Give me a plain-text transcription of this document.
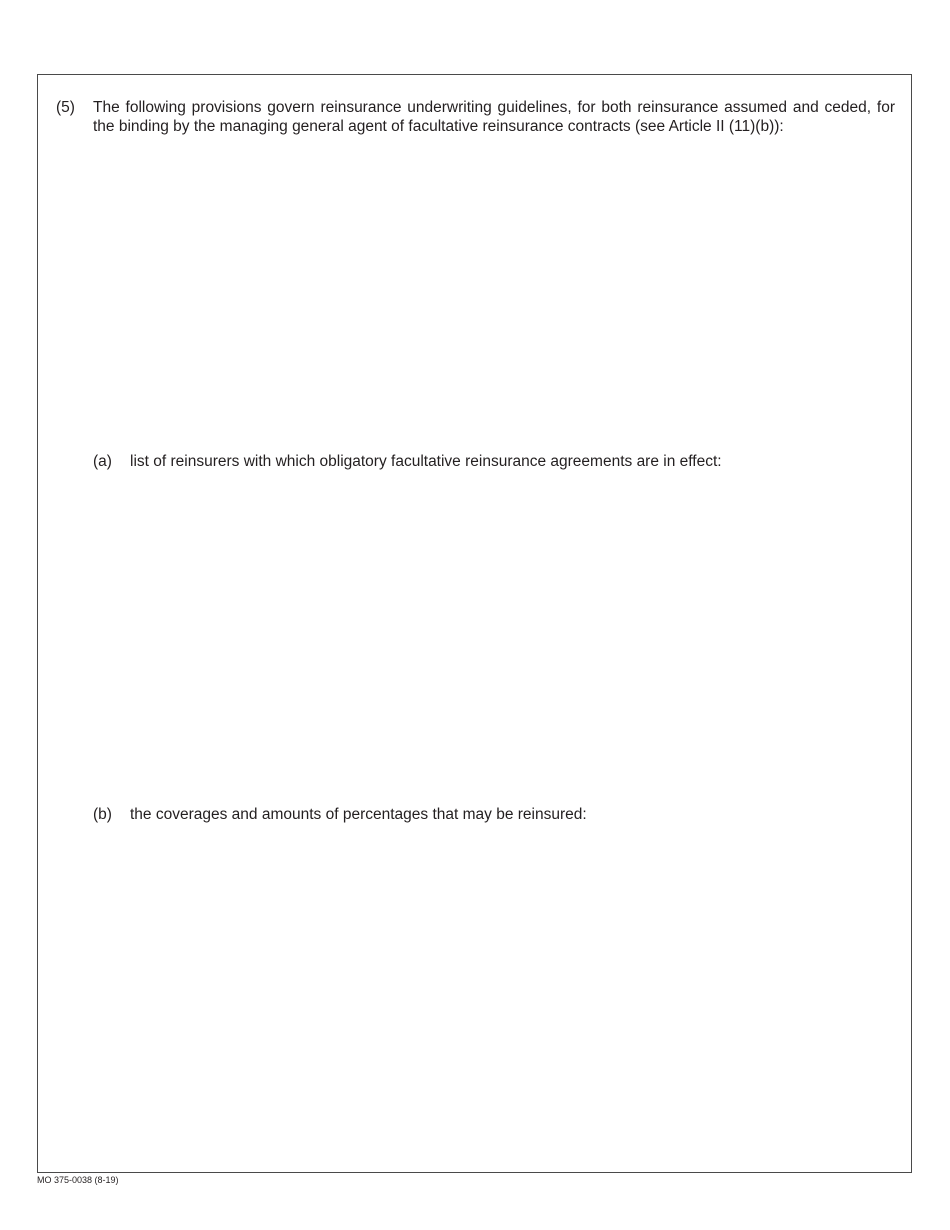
(5) The following provisions govern reinsurance underwriting guidelines, for both reinsurance assumed and ceded, for the binding by the managing general agent of facultative reinsurance contracts (see Article II (11)(b)):
(a) list of reinsurers with which obligatory facultative reinsurance agreements are in effect:
(b) the coverages and amounts of percentages that may be reinsured:
MO 375-0038 (8-19)
